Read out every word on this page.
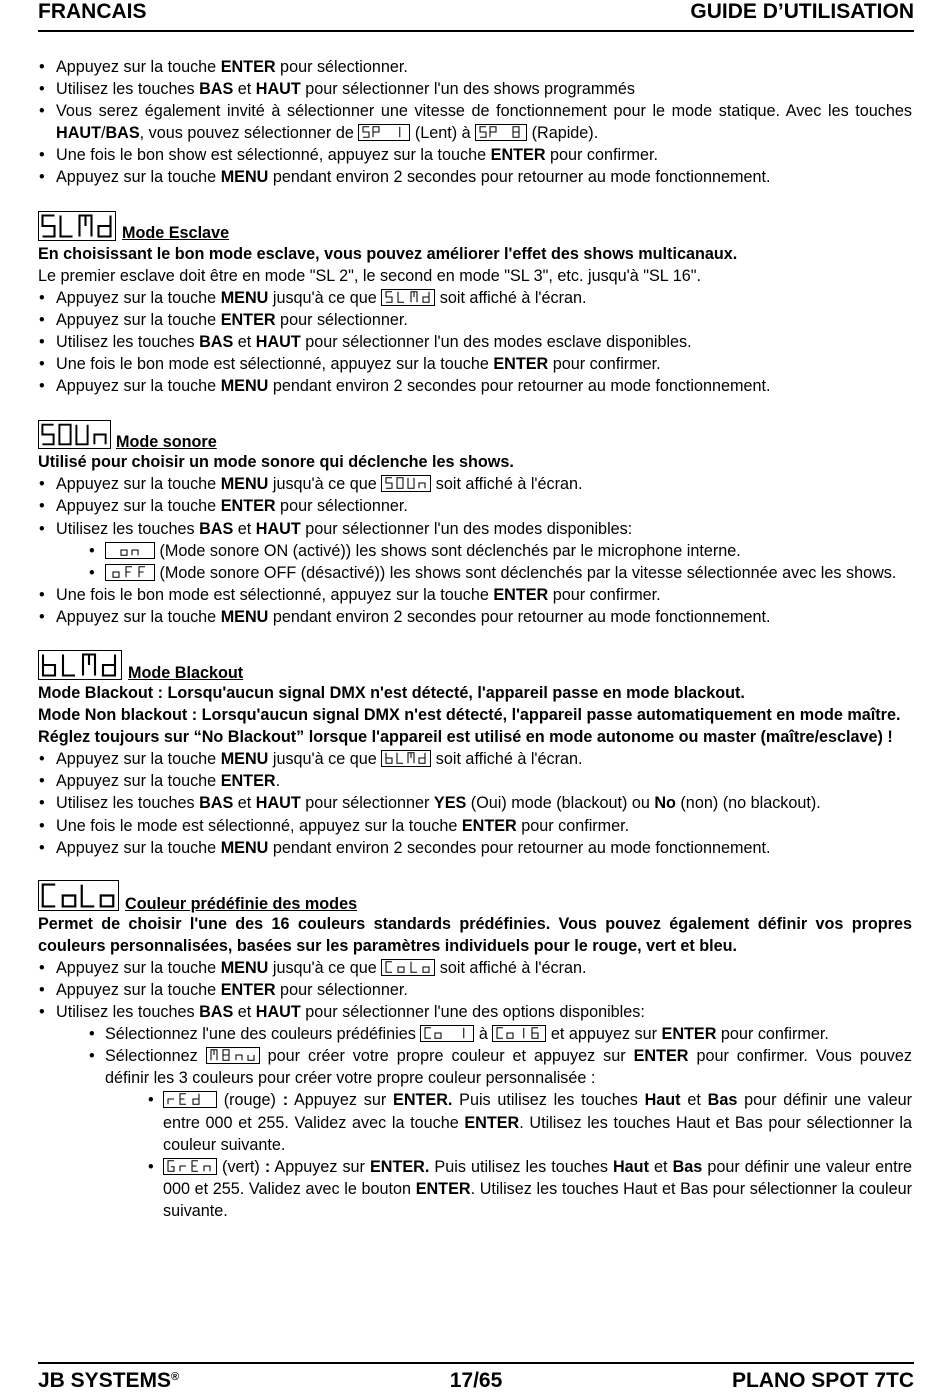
FRANCAIS	GUIDE D’UTILISATION
• Appuyez sur la touche ENTER pour sélectionner.
• Utilisez les touches BAS et HAUT pour sélectionner l'un des shows programmés
• Vous serez également invité à sélectionner une vitesse de fonctionnement pour le mode statique. Avec les touches HAUT/BAS, vous pouvez sélectionner de	(Lent) à	(Rapide).
• Une fois le bon show est sélectionné, appuyez sur la touche ENTER pour confirmer.
• Appuyez sur la touche MENU pendant environ 2 secondes pour retourner au mode fonctionnement.
Mode Esclave

En choisissant le bon mode esclave, vous pouvez améliorer l'effet des shows multicanaux.

Le premier esclave doit être en mode "SL 2", le second en mode "SL 3", etc. jusqu'à "SL 16".

• Appuyez sur la touche MENU jusqu'à ce que	soit affiché à l'écran.
• Appuyez sur la touche ENTER pour sélectionner.
• Utilisez les touches BAS et HAUT pour sélectionner l'un des modes esclave disponibles.
• Une fois le bon mode est sélectionné, appuyez sur la touche ENTER pour confirmer.
• Appuyez sur la touche MENU pendant environ 2 secondes pour retourner au mode fonctionnement.
Mode sonore

Utilisé pour choisir un mode sonore qui déclenche les shows.

• Appuyez sur la touche MENU jusqu'à ce que	soit affiché à l'écran.
• Appuyez sur la touche ENTER pour sélectionner.
• Utilisez les touches BAS et HAUT pour sélectionner l'un des modes disponibles:
• (Mode sonore ON (activé)) les shows sont déclenchés par le microphone interne.
• (Mode sonore OFF (désactivé)) les shows sont déclenchés par la vitesse sélectionnée avec les shows.
• Une fois le bon mode est sélectionné, appuyez sur la touche ENTER pour confirmer.
• Appuyez sur la touche MENU pendant environ 2 secondes pour retourner au mode fonctionnement.
Mode Blackout

Mode Blackout : Lorsqu'aucun signal DMX n'est détecté, l'appareil passe en mode blackout.

Mode Non blackout : Lorsqu'aucun signal DMX n'est détecté, l'appareil passe automatiquement en mode maître.

Réglez toujours sur “No Blackout” lorsque l'appareil est utilisé en mode autonome ou master (maître/esclave) !

• Appuyez sur la touche MENU jusqu'à ce que	soit affiché à l'écran.
• Appuyez sur la touche ENTER.
• Utilisez les touches BAS et HAUT pour sélectionner YES (Oui) mode (blackout) ou No (non) (no blackout).
• Une fois le mode est sélectionné, appuyez sur la touche ENTER pour confirmer.
• Appuyez sur la touche MENU pendant environ 2 secondes pour retourner au mode fonctionnement.
Couleur prédéfinie des modes

Permet de choisir l'une des 16 couleurs standards prédéfinies. Vous pouvez également définir vos propres couleurs personnalisées, basées sur les paramètres individuels pour le rouge, vert et bleu.

• Appuyez sur la touche MENU jusqu'à ce que	soit affiché à l'écran.
• Appuyez sur la touche ENTER pour sélectionner.
• Utilisez les touches BAS et HAUT pour sélectionner l'une des options disponibles:
• Sélectionnez l'une des couleurs prédéfinies	à	et appuyez sur ENTER pour confirmer.
• Sélectionnez	pour créer votre propre couleur et appuyez sur ENTER pour confirmer. Vous pouvez définir les 3 couleurs pour créer votre propre couleur personnalisée :
• (rouge) : Appuyez sur ENTER. Puis utilisez les touches Haut et Bas pour définir une valeur entre 000 et 255. Validez avec la touche ENTER. Utilisez les touches Haut et Bas pour sélectionner la couleur suivante.
• (vert) : Appuyez sur ENTER. Puis utilisez les touches Haut et Bas pour définir une valeur entre 000 et 255. Validez avec le bouton ENTER. Utilisez les touches Haut et Bas pour sélectionner la couleur suivante.
JB SYSTEMS®	17/65	PLANO SPOT 7TC
